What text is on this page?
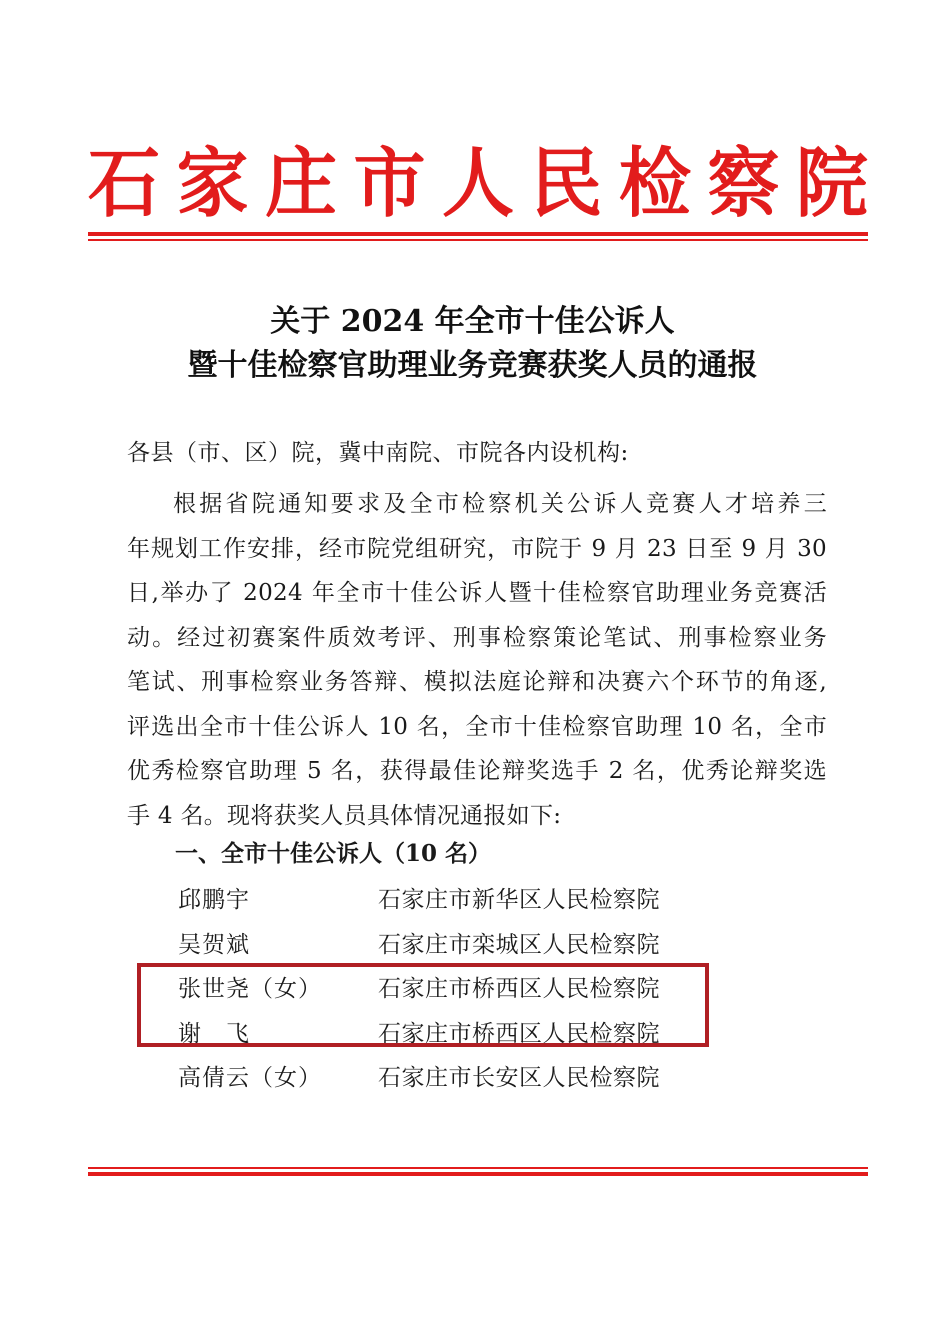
石 家 庄 市 人 民 检 察 院
关于 2024 年全市十佳公诉人
暨十佳检察官助理业务竞赛获奖人员的通报
各县（市、区）院，冀中南院、市院各内设机构:
根据省院通知要求及全市检察机关公诉人竞赛人才培养三
年规划工作安排，经市院党组研究，市院于 9 月 23 日至 9 月 30
日,举办了 2024 年全市十佳公诉人暨十佳检察官助理业务竞赛活
动。经过初赛案件质效考评、刑事检察策论笔试、刑事检察业务
笔试、刑事检察业务答辩、模拟法庭论辩和决赛六个环节的角逐,
评选出全市十佳公诉人 10 名，全市十佳检察官助理 10 名，全市
优秀检察官助理 5 名，获得最佳论辩奖选手 2 名，优秀论辩奖选
手 4 名。现将获奖人员具体情况通报如下:
一、全市十佳公诉人（10 名）
邱鹏宇	石家庄市新华区人民检察院
吴贺斌	石家庄市栾城区人民检察院
张世尧（女） 石家庄市桥西区人民检察院
谢　飞	石家庄市桥西区人民检察院
高倩云（女） 石家庄市长安区人民检察院
